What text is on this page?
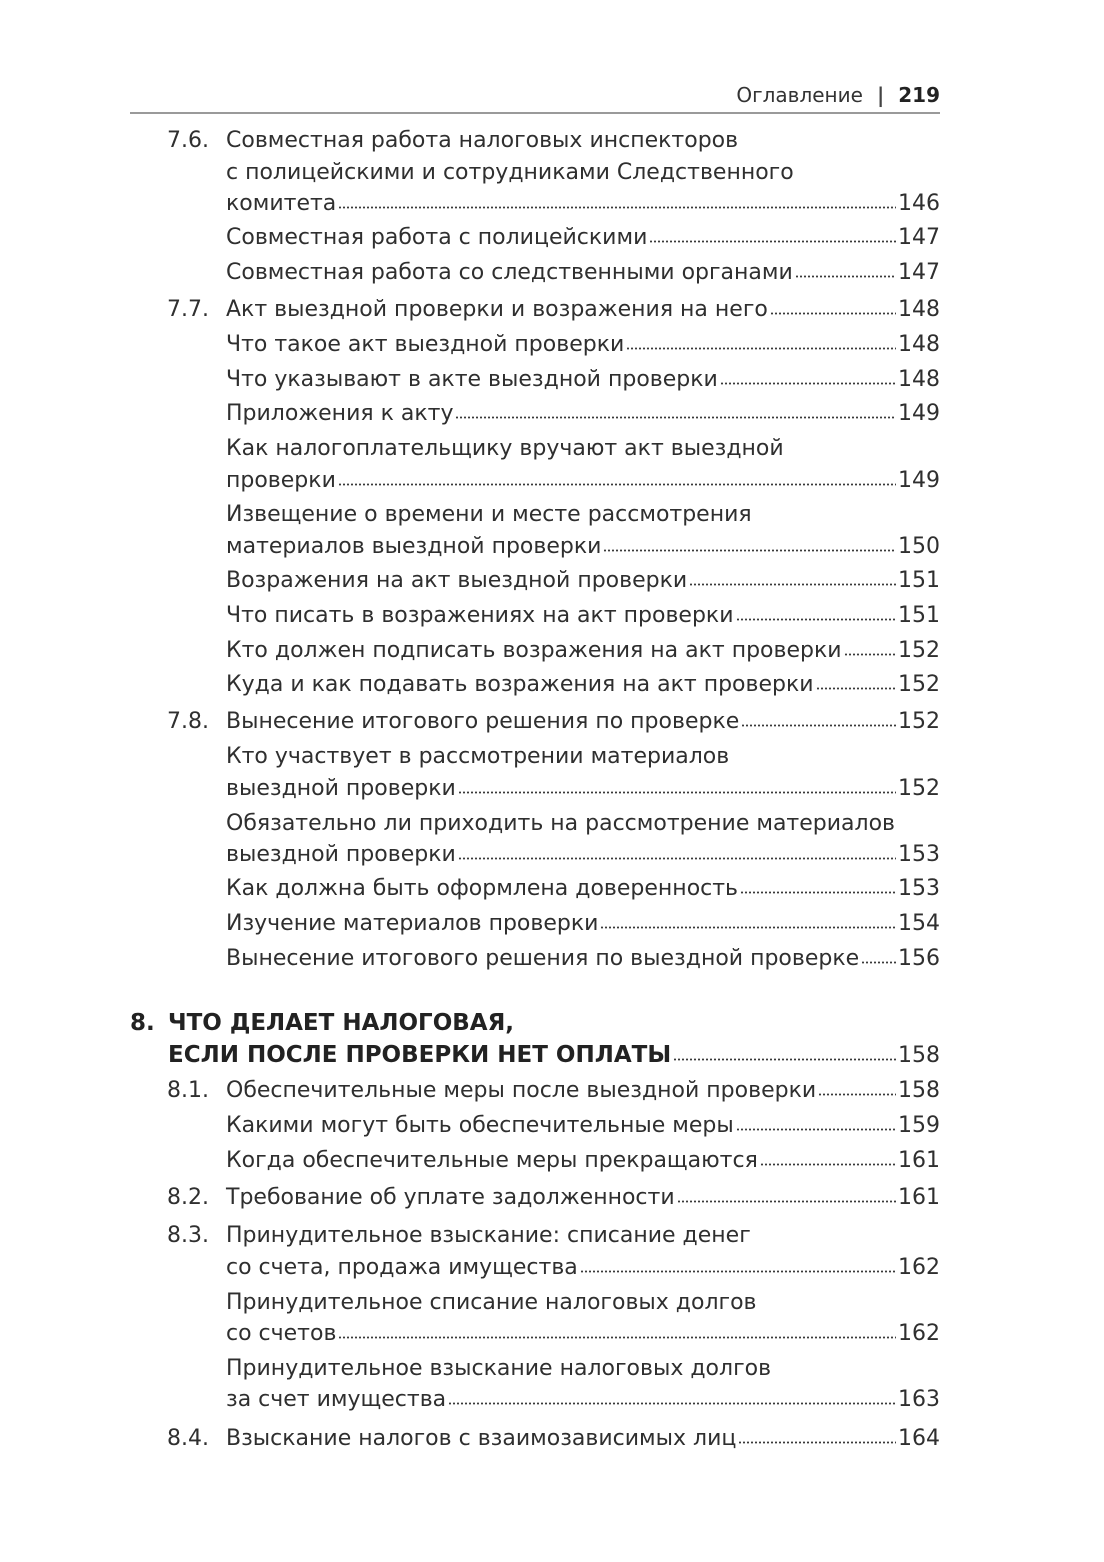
Оглавление | 219
7.6. Совместная работа налоговых инспекторов
с полицейскими и сотрудниками Следственного
комитета	146
Совместная работа с полицейскими	147
Совместная работа со следственными органами	147
7.7. Акт выездной проверки и возражения на него	148
Что такое акт выездной проверки	148
Что указывают в акте выездной проверки	148
Приложения к акту	149
Как налогоплательщику вручают акт выездной
проверки	149
Извещение о времени и месте рассмотрения
материалов выездной проверки	150
Возражения на акт выездной проверки	151
Что писать в возражениях на акт проверки	151
Кто должен подписать возражения на акт проверки	152
Куда и как подавать возражения на акт проверки	152
7.8. Вынесение итогового решения по проверке	152
Кто участвует в рассмотрении материалов
выездной проверки	152
Обязательно ли приходить на рассмотрение материалов
выездной проверки	153
Как должна быть оформлена доверенность	153
Изучение материалов проверки	154
Вынесение итогового решения по выездной проверке 156
8. ЧТО ДЕЛАЕТ НАЛОГОВАЯ,
ЕСЛИ ПОСЛЕ ПРОВЕРКИ НЕТ ОПЛАТЫ	158
8.1. Обеспечительные меры после выездной проверки	158
Какими могут быть обеспечительные меры	159
Когда обеспечительные меры прекращаются	161
8.2. Требование об уплате задолженности	161
8.3. Принудительное взыскание: списание денег
со счета, продажа имущества	162
Принудительное списание налоговых долгов
со счетов	162
Принудительное взыскание налоговых долгов
за счет имущества	163
8.4. Взыскание налогов с взаимозависимых лиц	164
